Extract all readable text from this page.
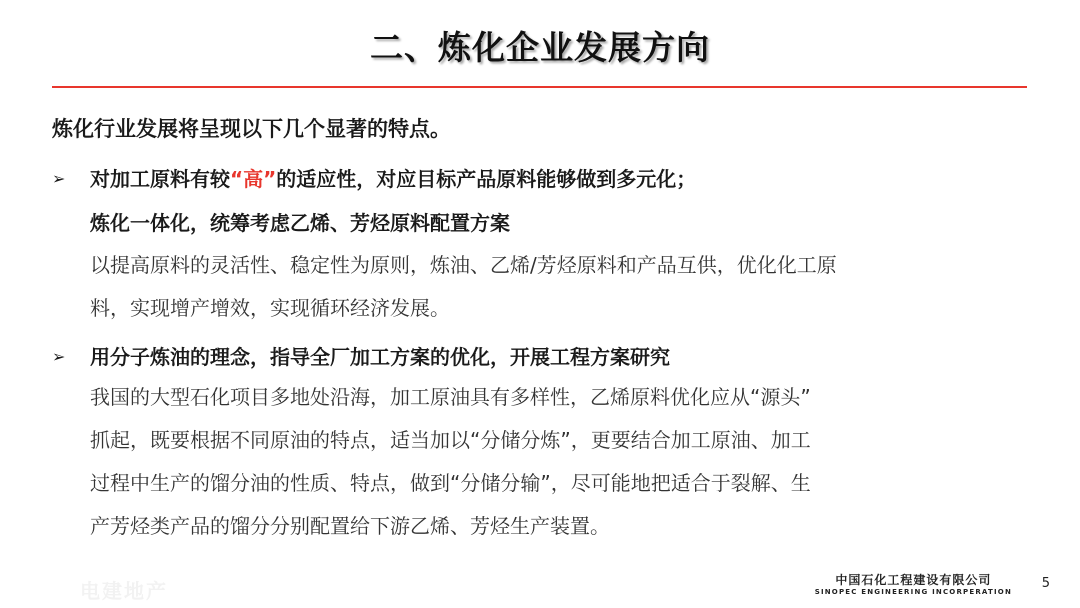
二、炼化企业发展方向
炼化行业发展将呈现以下几个显著的特点。
➢	对加工原料有较“高”的适应性，对应目标产品原料能够做到多元化；
炼化一体化，统筹考虑乙烯、芳烃原料配置方案
以提高原料的灵活性、稳定性为原则，炼油、乙烯/芳烃原料和产品互供，优化化工原
料，实现增产增效，实现循环经济发展。
➢	用分子炼油的理念，指导全厂加工方案的优化，开展工程方案研究
我国的大型石化项目多地处沿海，加工原油具有多样性，乙烯原料优化应从“源头”
抓起，既要根据不同原油的特点，适当加以“分储分炼”，更要结合加工原油、加工
过程中生产的馏分油的性质、特点，做到“分储分输”，尽可能地把适合于裂解、生
产芳烃类产品的馏分分别配置给下游乙烯、芳烃生产装置。
电建地产	中国石化工程建设有限公司
SINOPEC ENGINEERING INCORPERATION
5
